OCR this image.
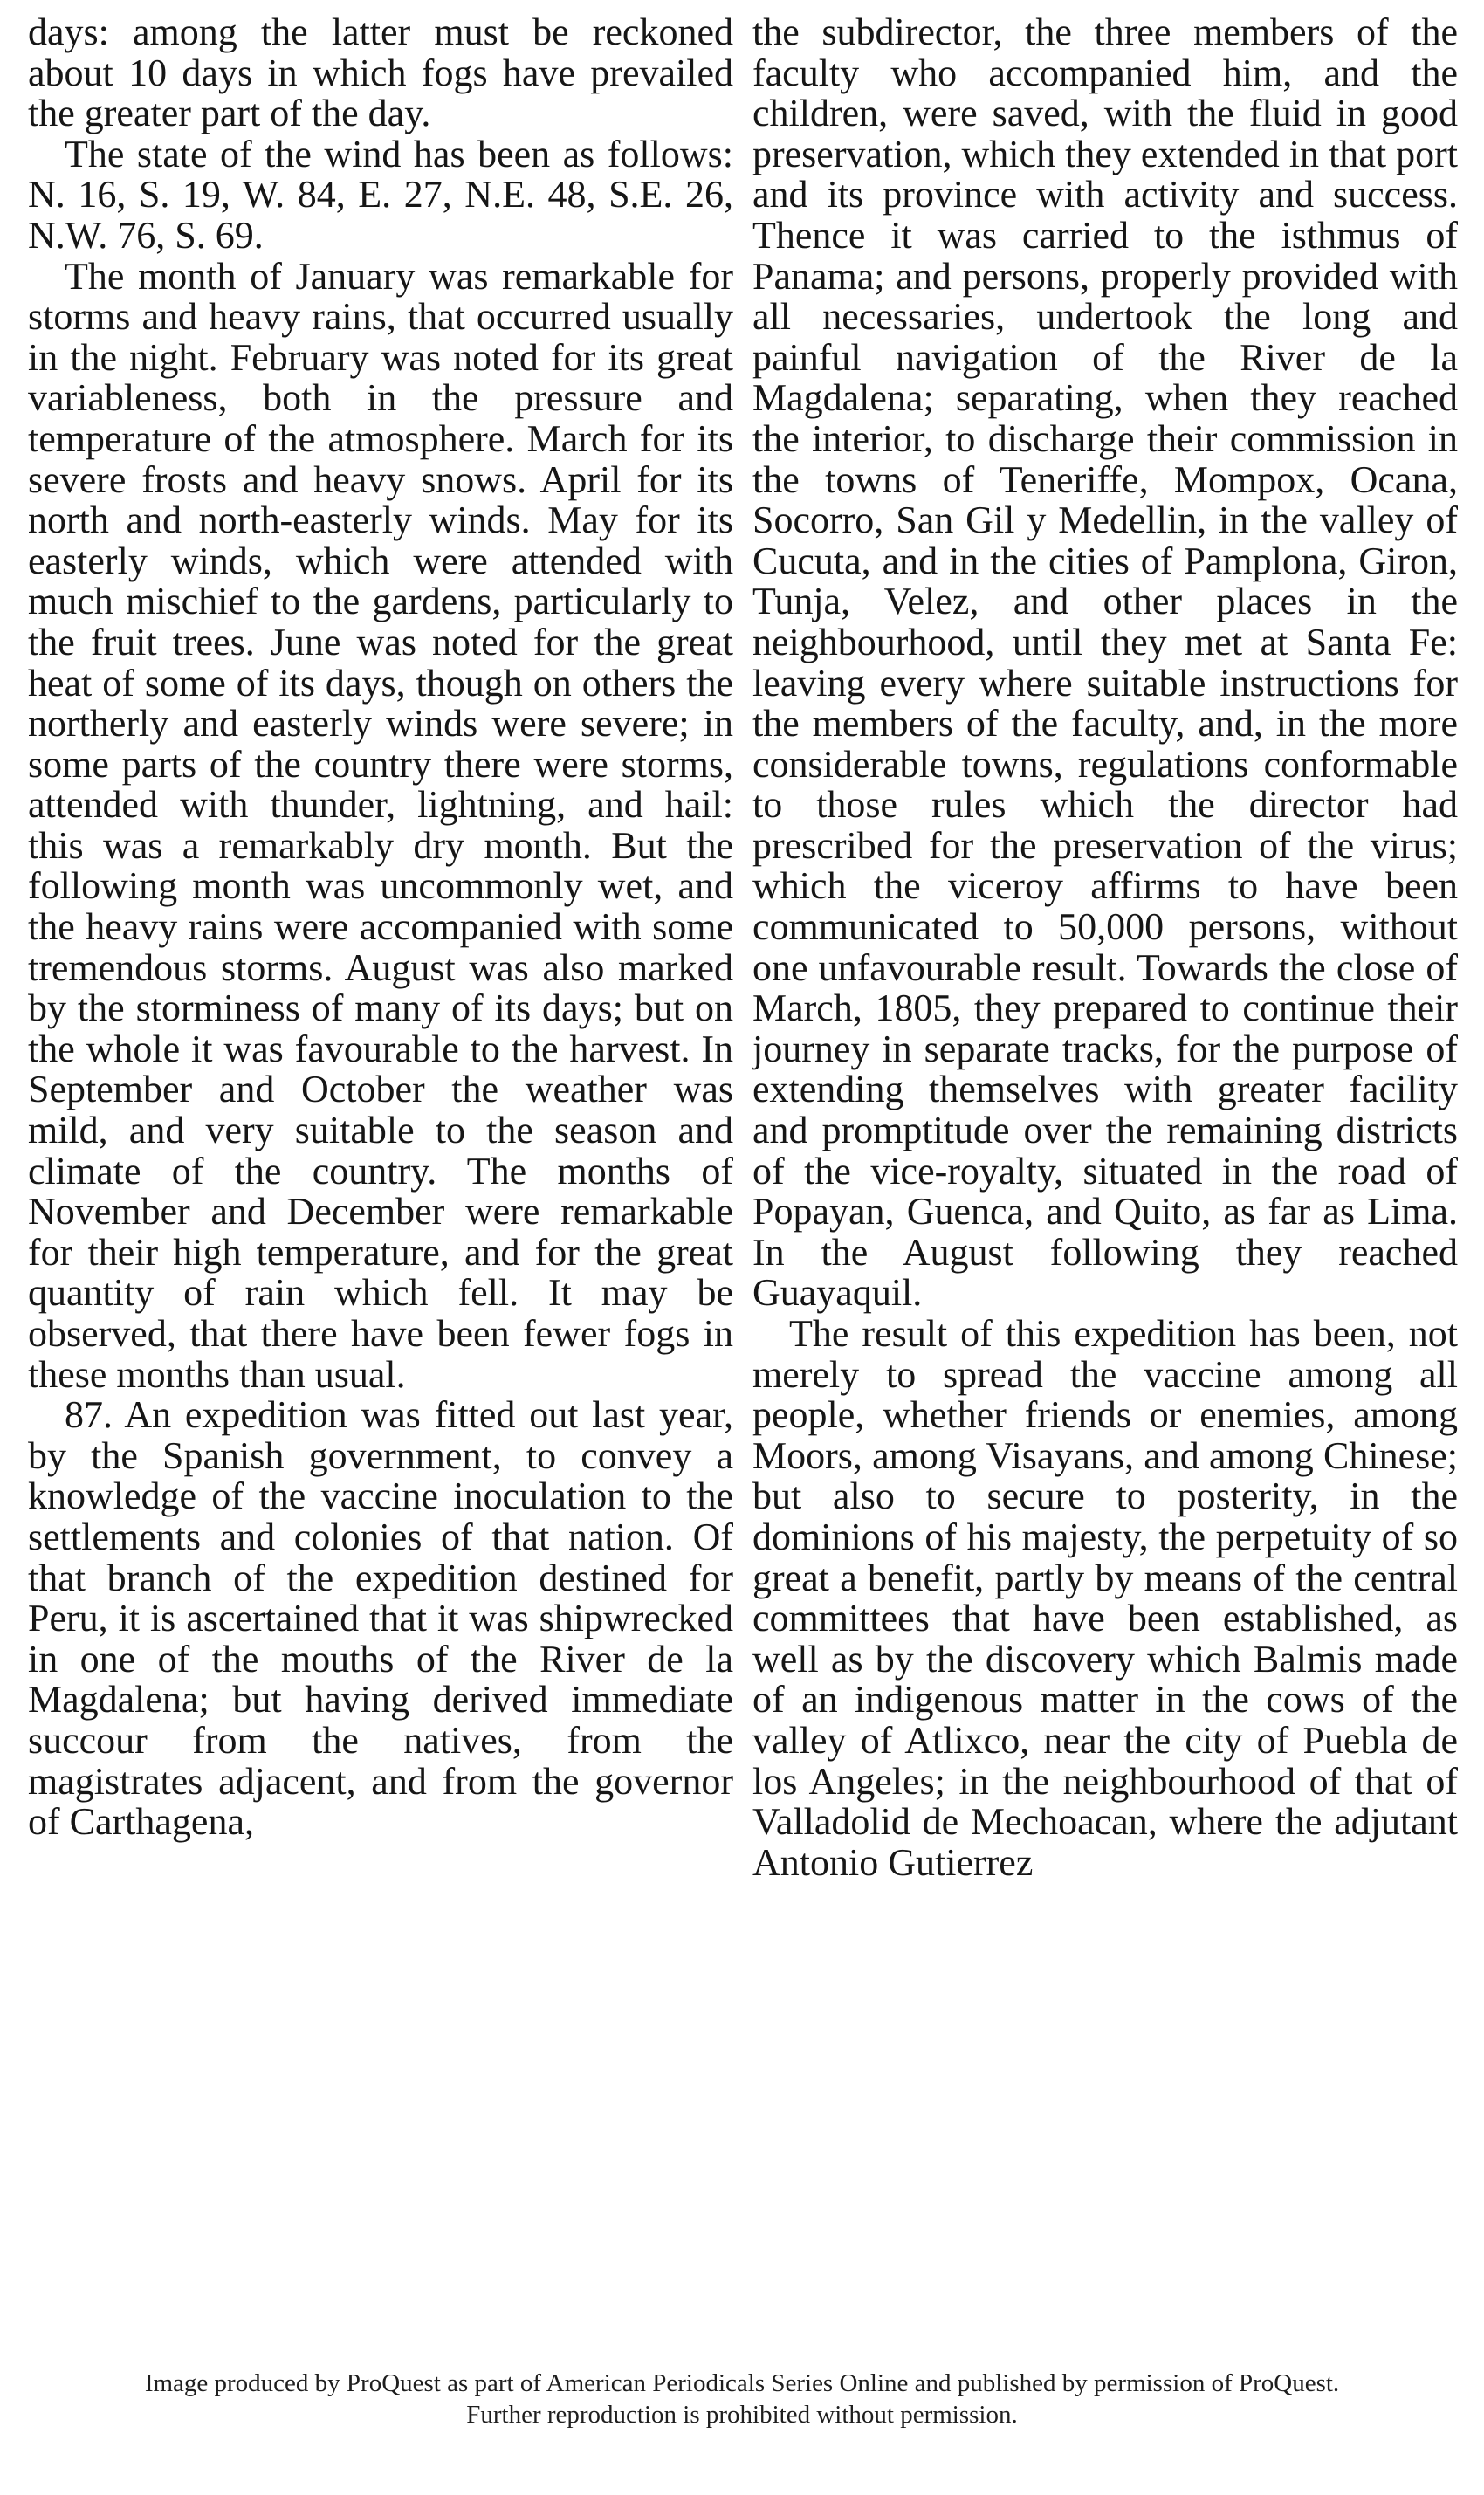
days: among the latter must be reckoned about 10 days in which fogs have prevailed the greater part of the day.

The state of the wind has been as follows: N. 16, S. 19, W. 84, E. 27, N.E. 48, S.E. 26, N.W. 76, S. 69.

The month of January was remarkable for storms and heavy rains, that occurred usually in the night. February was noted for its great variableness, both in the pressure and temperature of the atmosphere. March for its severe frosts and heavy snows. April for its north and north-easterly winds. May for its easterly winds, which were attended with much mischief to the gardens, particularly to the fruit trees. June was noted for the great heat of some of its days, though on others the northerly and easterly winds were severe; in some parts of the country there were storms, attended with thunder, lightning, and hail: this was a remarkably dry month. But the following month was uncommonly wet, and the heavy rains were accompanied with some tremendous storms. August was also marked by the storminess of many of its days; but on the whole it was favourable to the harvest. In September and October the weather was mild, and very suitable to the season and climate of the country. The months of November and December were remarkable for their high temperature, and for the great quantity of rain which fell. It may be observed, that there have been fewer fogs in these months than usual.

87. An expedition was fitted out last year, by the Spanish government, to convey a knowledge of the vaccine inoculation to the settlements and colonies of that nation. Of that branch of the expedition destined for Peru, it is ascertained that it was shipwrecked in one of the mouths of the River de la Magdalena; but having derived immediate succour from the natives, from the magistrates adjacent, and from the governor of Carthagena,

the subdirector, the three members of the faculty who accompanied him, and the children, were saved, with the fluid in good preservation, which they extended in that port and its province with activity and success. Thence it was carried to the isthmus of Panama; and persons, properly provided with all necessaries, undertook the long and painful navigation of the River de la Magdalena; separating, when they reached the interior, to discharge their commission in the towns of Teneriffe, Mompox, Ocana, Socorro, San Gil y Medellin, in the valley of Cucuta, and in the cities of Pamplona, Giron, Tunja, Velez, and other places in the neighbourhood, until they met at Santa Fe: leaving every where suitable instructions for the members of the faculty, and, in the more considerable towns, regulations conformable to those rules which the director had prescribed for the preservation of the virus; which the viceroy affirms to have been communicated to 50,000 persons, without one unfavourable result. Towards the close of March, 1805, they prepared to continue their journey in separate tracks, for the purpose of extending themselves with greater facility and promptitude over the remaining districts of the vice-royalty, situated in the road of Popayan, Guenca, and Quito, as far as Lima. In the August following they reached Guayaquil.

The result of this expedition has been, not merely to spread the vaccine among all people, whether friends or enemies, among Moors, among Visayans, and among Chinese; but also to secure to posterity, in the dominions of his majesty, the perpetuity of so great a benefit, partly by means of the central committees that have been established, as well as by the discovery which Balmis made of an indigenous matter in the cows of the valley of Atlixco, near the city of Puebla de los Angeles; in the neighbourhood of that of Valladolid de Mechoacan, where the adjutant Antonio Gutierrez

Image produced by ProQuest as part of American Periodicals Series Online and published by permission of ProQuest.
Further reproduction is prohibited without permission.
